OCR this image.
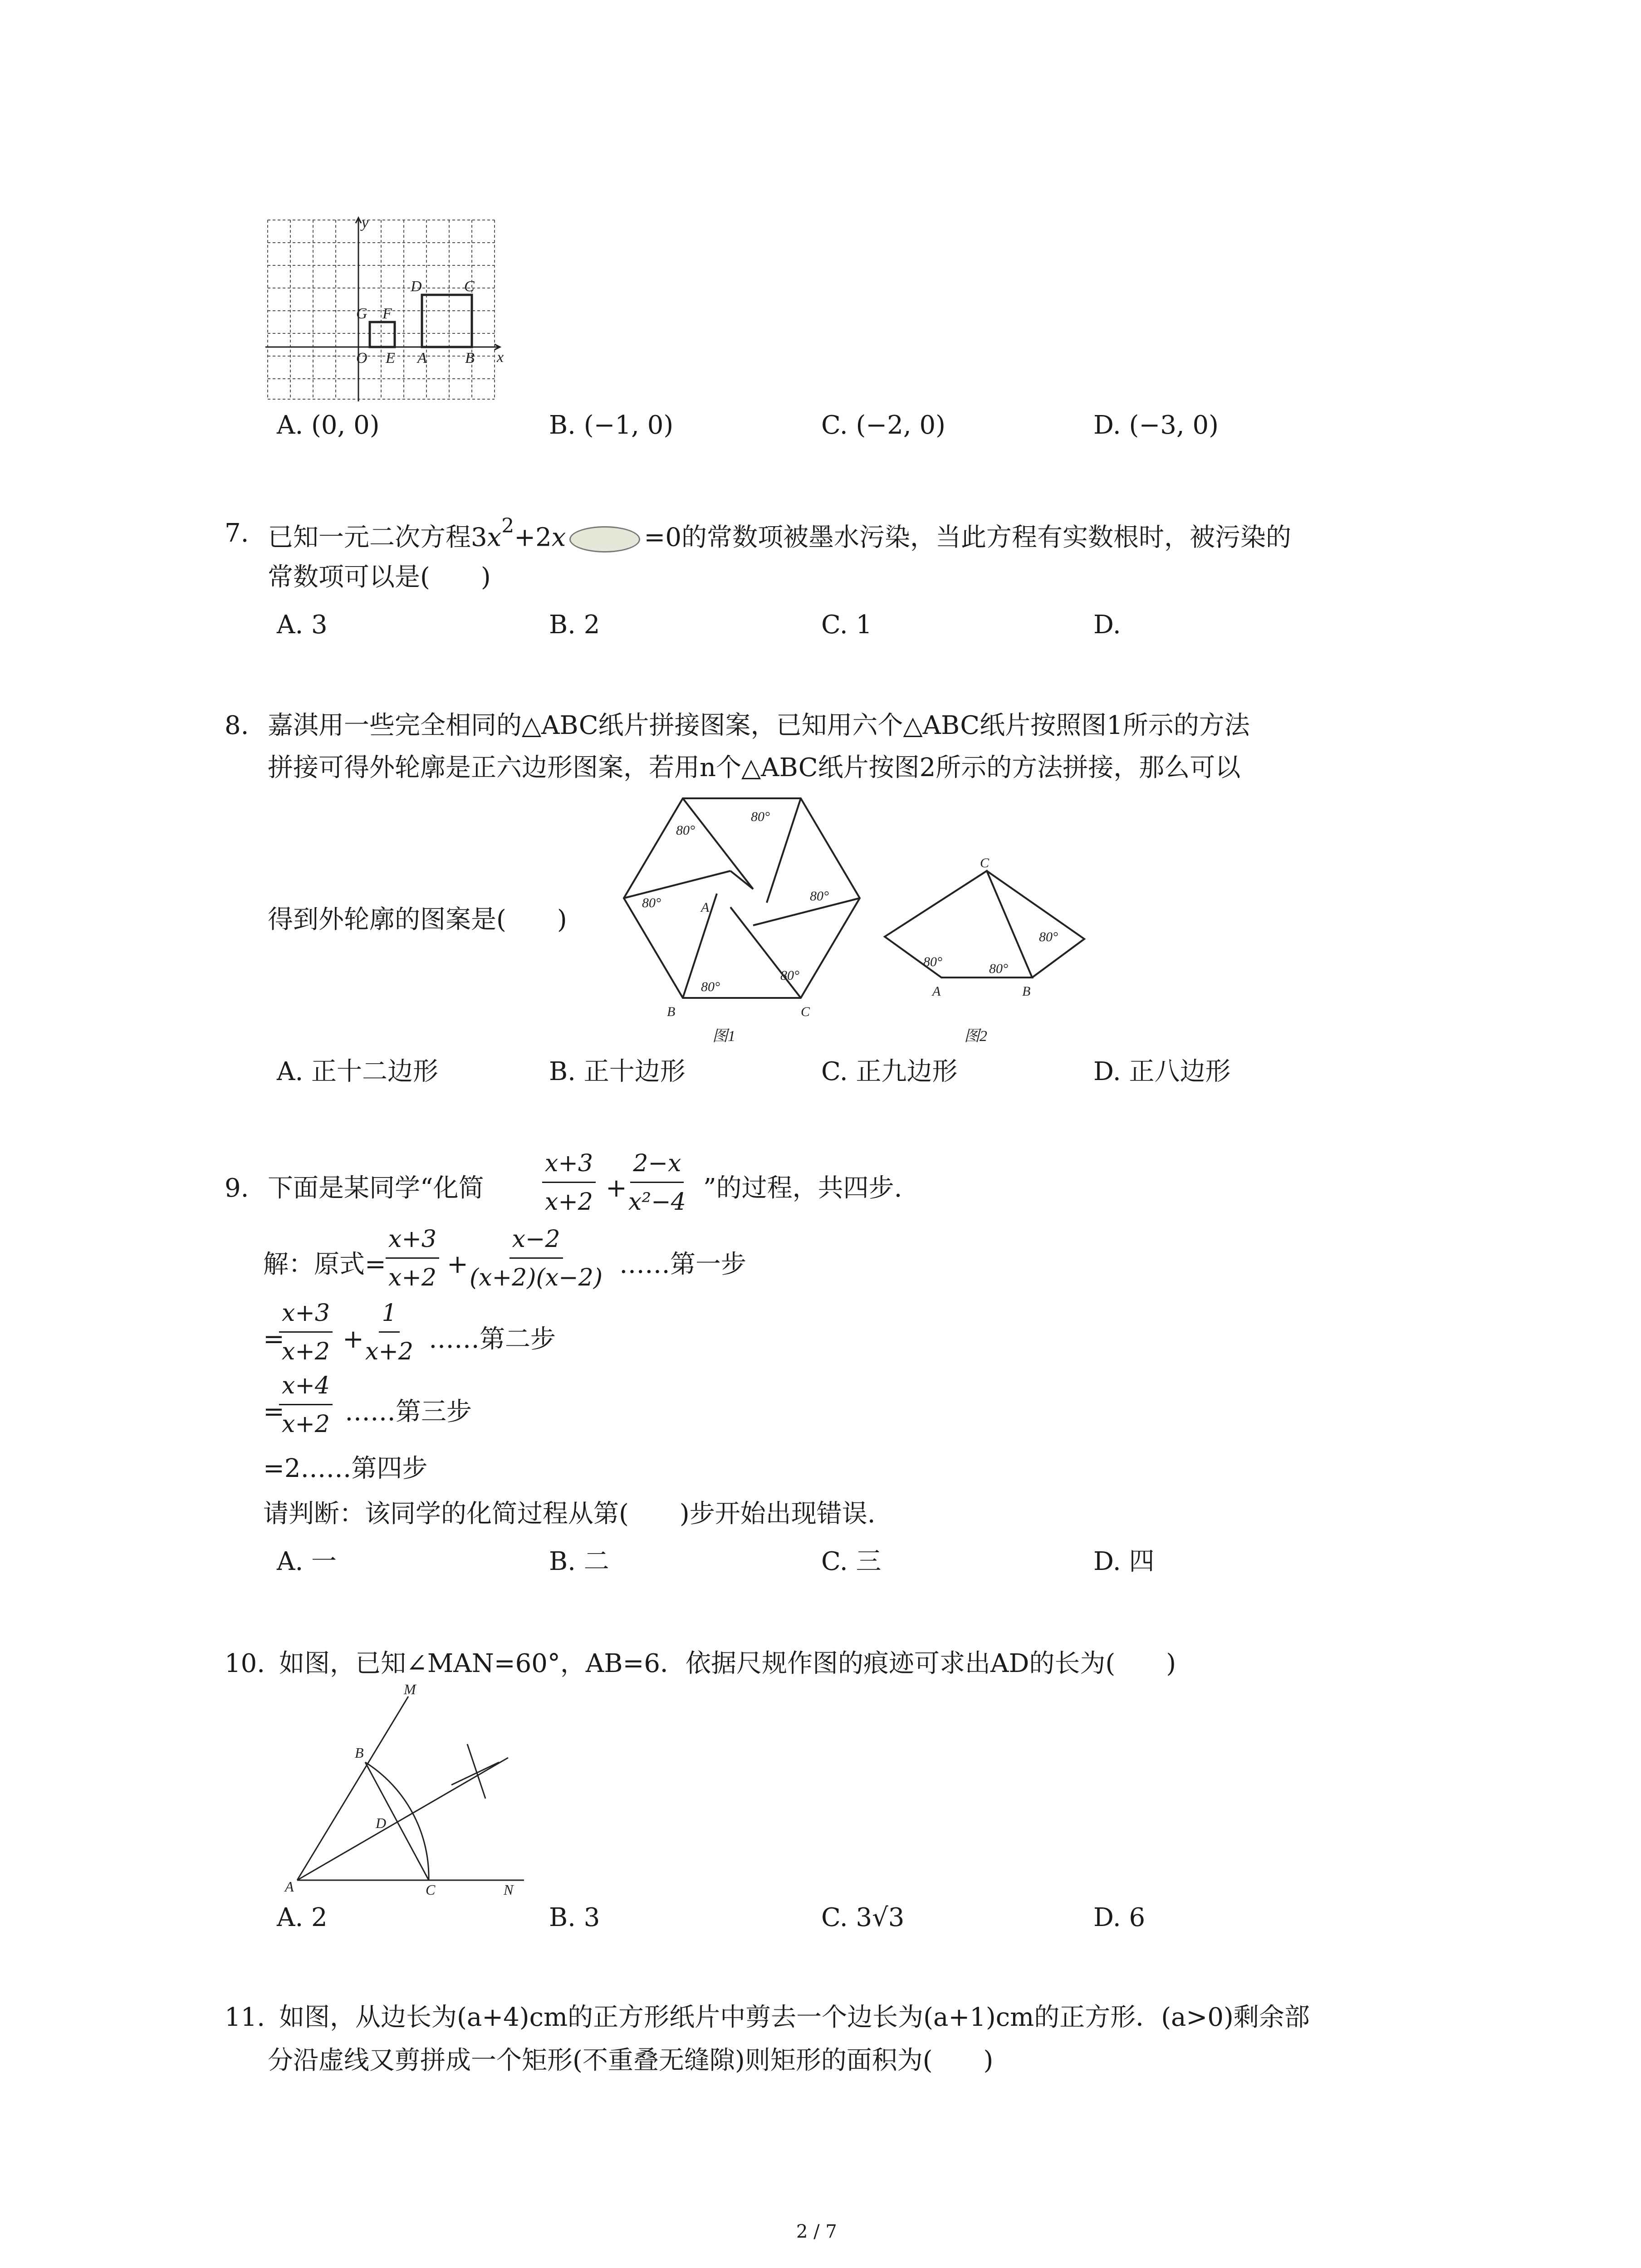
y
x
D	C
G F
O E A B
A. (0, 0)	B. (−1, 0)	C. (−2, 0)	D. (−3, 0)
7. 已知一元二次方程$3x^2+2x$	=0的常数项被墨水污染，当此方程有实数根时，被污染的
常数项可以是(　　)
A. 3	B. 2	C. 1	D.
8. 嘉淇用一些完全相同的△ABC纸片拼接图案，已知用六个△ABC纸片按照图1所示的方法
拼接可得外轮廓是正六边形图案，若用n个△ABC纸片按图2所示的方法拼接，那么可以
得到外轮廓的图案是(　　)
80°
80°
80°
80°
80°
80°	A
B	C
图1
C
80°	80°
80°
A	B
图2
A. 正十二边形	B. 正十边形	C. 正九边形	D. 正八边形
9. 下面是某同学“化简
x+3
x+2 +
2−x
x²−4 ”的过程，共四步.
解：原式=
x+3
x+2 +
x−2
(x+2)(x−2) ……第一步
=
x+3
x+2 +
1
x+2 ……第二步
=
x+4
x+2 ……第三步
=2……第四步
请判断：该同学的化简过程从第(　　)步开始出现错误.
A. 一	B. 二	C. 三	D. 四
10. 如图，已知∠MAN=60°，AB=6．依据尺规作图的痕迹可求出AD的长为(　　)
M
B
D
A	C	N
A. 2	B. 3	C. 3√3	D. 6
11. 如图，从边长为(a+4)cm的正方形纸片中剪去一个边长为(a+1)cm的正方形．(a>0)剩余部
分沿虚线又剪拼成一个矩形(不重叠无缝隙)则矩形的面积为(　　)
2 / 7
